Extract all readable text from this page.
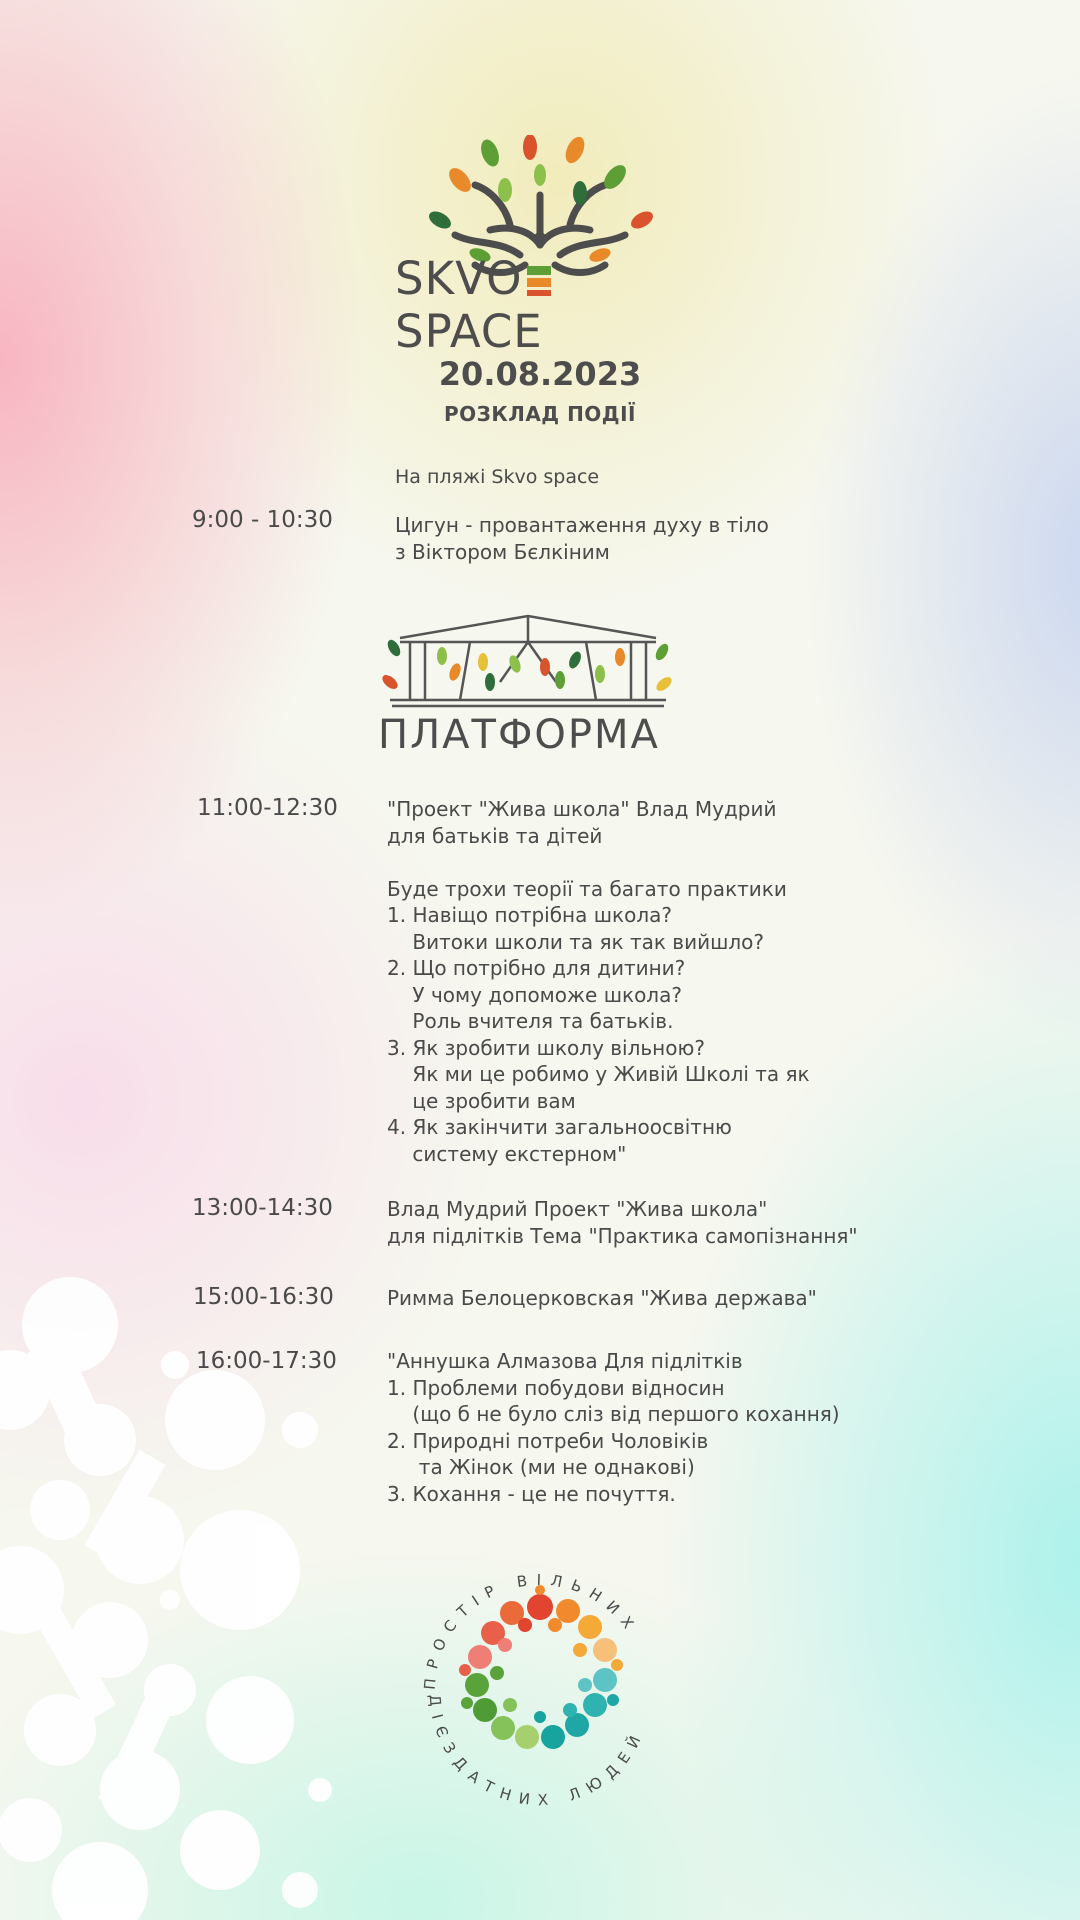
SKVOSPACE
20.08.2023
РОЗКЛАД ПОДІЇ
На пляжі Skvo space
9:00 - 10:30	Цигун - провантаження духу в тіло
з Віктором Бєлкіним
ПЛАТФОРМА
11:00-12:30 "Проект "Жива школа" Влад Мудрий
для батьків та дітей

Буде трохи теорії та багато практики
1. Навіщо потрібна школа?
Витоки школи та як так вийшло?
2. Що потрібно для дитини?
У чому допоможе школа?
Роль вчителя та батьків.
3. Як зробити школу вільною?
Як ми це робимо у Живій Школі та як
це зробити вам
4. Як закінчити загальноосвітню
систему екстерном"
13:00-14:30	Влад Мудрий Проект "Жива школа"
для підлітків Тема "Практика самопізнання"
15:00-16:30	Римма Белоцерковская "Жива держава"
16:00-17:30	"Аннушка Алмазова Для підлітків
1. Проблеми побудови відносин
(що б не було сліз від першого кохання)
2. Природні потреби Чоловіків
та Жінок (ми не однакові)
3. Кохання - це не почуття.
ПРОСТІР ВІЛЬНИХ
ДІЄЗДАТНИХ ЛЮДЕЙ
